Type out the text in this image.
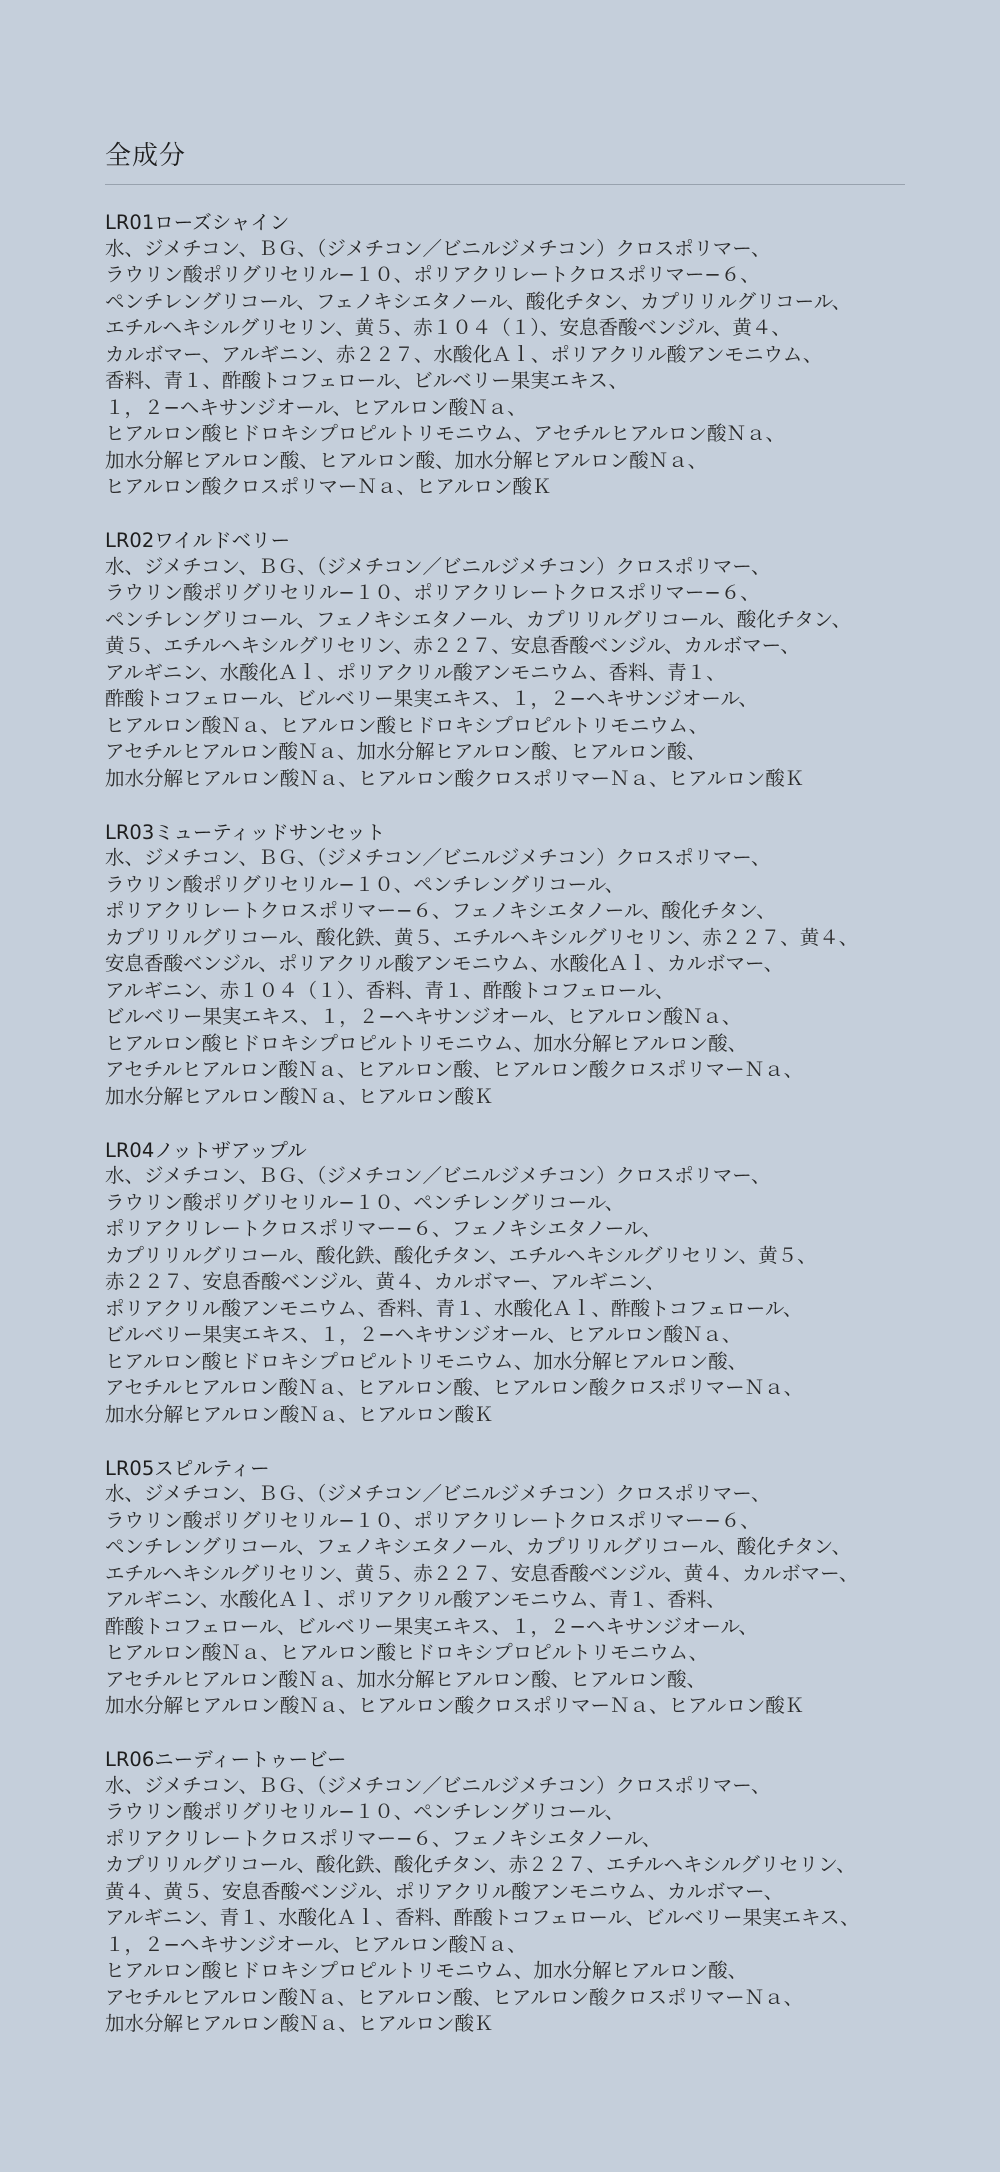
全成分
LR01ローズシャイン
水、ジメチコン、ＢＧ、（ジメチコン／ビニルジメチコン）クロスポリマー、
ラウリン酸ポリグリセリル−１０、ポリアクリレートクロスポリマー−６、
ペンチレングリコール、フェノキシエタノール、酸化チタン、カプリリルグリコール、
エチルヘキシルグリセリン、黄５、赤１０４（１）、安息香酸ベンジル、黄４、
カルボマー、アルギニン、赤２２７、水酸化Ａｌ、ポリアクリル酸アンモニウム、
香料、青１、酢酸トコフェロール、ビルベリー果実エキス、
１，２−ヘキサンジオール、ヒアルロン酸Ｎａ、
ヒアルロン酸ヒドロキシプロピルトリモニウム、アセチルヒアルロン酸Ｎａ、
加水分解ヒアルロン酸、ヒアルロン酸、加水分解ヒアルロン酸Ｎａ、
ヒアルロン酸クロスポリマーＮａ、ヒアルロン酸Ｋ
LR02ワイルドベリー
水、ジメチコン、ＢＧ、（ジメチコン／ビニルジメチコン）クロスポリマー、
ラウリン酸ポリグリセリル−１０、ポリアクリレートクロスポリマー−６、
ペンチレングリコール、フェノキシエタノール、カプリリルグリコール、酸化チタン、
黄５、エチルヘキシルグリセリン、赤２２７、安息香酸ベンジル、カルボマー、
アルギニン、水酸化Ａｌ、ポリアクリル酸アンモニウム、香料、青１、
酢酸トコフェロール、ビルベリー果実エキス、１，２−ヘキサンジオール、
ヒアルロン酸Ｎａ、ヒアルロン酸ヒドロキシプロピルトリモニウム、
アセチルヒアルロン酸Ｎａ、加水分解ヒアルロン酸、ヒアルロン酸、
加水分解ヒアルロン酸Ｎａ、ヒアルロン酸クロスポリマーＮａ、ヒアルロン酸Ｋ
LR03ミューティッドサンセット
水、ジメチコン、ＢＧ、（ジメチコン／ビニルジメチコン）クロスポリマー、
ラウリン酸ポリグリセリル−１０、ペンチレングリコール、
ポリアクリレートクロスポリマー−６、フェノキシエタノール、酸化チタン、
カプリリルグリコール、酸化鉄、黄５、エチルヘキシルグリセリン、赤２２７、黄４、
安息香酸ベンジル、ポリアクリル酸アンモニウム、水酸化Ａｌ、カルボマー、
アルギニン、赤１０４（１）、香料、青１、酢酸トコフェロール、
ビルベリー果実エキス、１，２−ヘキサンジオール、ヒアルロン酸Ｎａ、
ヒアルロン酸ヒドロキシプロピルトリモニウム、加水分解ヒアルロン酸、
アセチルヒアルロン酸Ｎａ、ヒアルロン酸、ヒアルロン酸クロスポリマーＮａ、
加水分解ヒアルロン酸Ｎａ、ヒアルロン酸Ｋ
LR04ノットザアップル
水、ジメチコン、ＢＧ、（ジメチコン／ビニルジメチコン）クロスポリマー、
ラウリン酸ポリグリセリル−１０、ペンチレングリコール、
ポリアクリレートクロスポリマー−６、フェノキシエタノール、
カプリリルグリコール、酸化鉄、酸化チタン、エチルヘキシルグリセリン、黄５、
赤２２７、安息香酸ベンジル、黄４、カルボマー、アルギニン、
ポリアクリル酸アンモニウム、香料、青１、水酸化Ａｌ、酢酸トコフェロール、
ビルベリー果実エキス、１，２−ヘキサンジオール、ヒアルロン酸Ｎａ、
ヒアルロン酸ヒドロキシプロピルトリモニウム、加水分解ヒアルロン酸、
アセチルヒアルロン酸Ｎａ、ヒアルロン酸、ヒアルロン酸クロスポリマーＮａ、
加水分解ヒアルロン酸Ｎａ、ヒアルロン酸Ｋ
LR05スピルティー
水、ジメチコン、ＢＧ、（ジメチコン／ビニルジメチコン）クロスポリマー、
ラウリン酸ポリグリセリル−１０、ポリアクリレートクロスポリマー−６、
ペンチレングリコール、フェノキシエタノール、カプリリルグリコール、酸化チタン、
エチルヘキシルグリセリン、黄５、赤２２７、安息香酸ベンジル、黄４、カルボマー、
アルギニン、水酸化Ａｌ、ポリアクリル酸アンモニウム、青１、香料、
酢酸トコフェロール、ビルベリー果実エキス、１，２−ヘキサンジオール、
ヒアルロン酸Ｎａ、ヒアルロン酸ヒドロキシプロピルトリモニウム、
アセチルヒアルロン酸Ｎａ、加水分解ヒアルロン酸、ヒアルロン酸、
加水分解ヒアルロン酸Ｎａ、ヒアルロン酸クロスポリマーＮａ、ヒアルロン酸Ｋ
LR06ニーディートゥービー
水、ジメチコン、ＢＧ、（ジメチコン／ビニルジメチコン）クロスポリマー、
ラウリン酸ポリグリセリル−１０、ペンチレングリコール、
ポリアクリレートクロスポリマー−６、フェノキシエタノール、
カプリリルグリコール、酸化鉄、酸化チタン、赤２２７、エチルヘキシルグリセリン、
黄４、黄５、安息香酸ベンジル、ポリアクリル酸アンモニウム、カルボマー、
アルギニン、青１、水酸化Ａｌ、香料、酢酸トコフェロール、ビルベリー果実エキス、
１，２−ヘキサンジオール、ヒアルロン酸Ｎａ、
ヒアルロン酸ヒドロキシプロピルトリモニウム、加水分解ヒアルロン酸、
アセチルヒアルロン酸Ｎａ、ヒアルロン酸、ヒアルロン酸クロスポリマーＮａ、
加水分解ヒアルロン酸Ｎａ、ヒアルロン酸Ｋ
